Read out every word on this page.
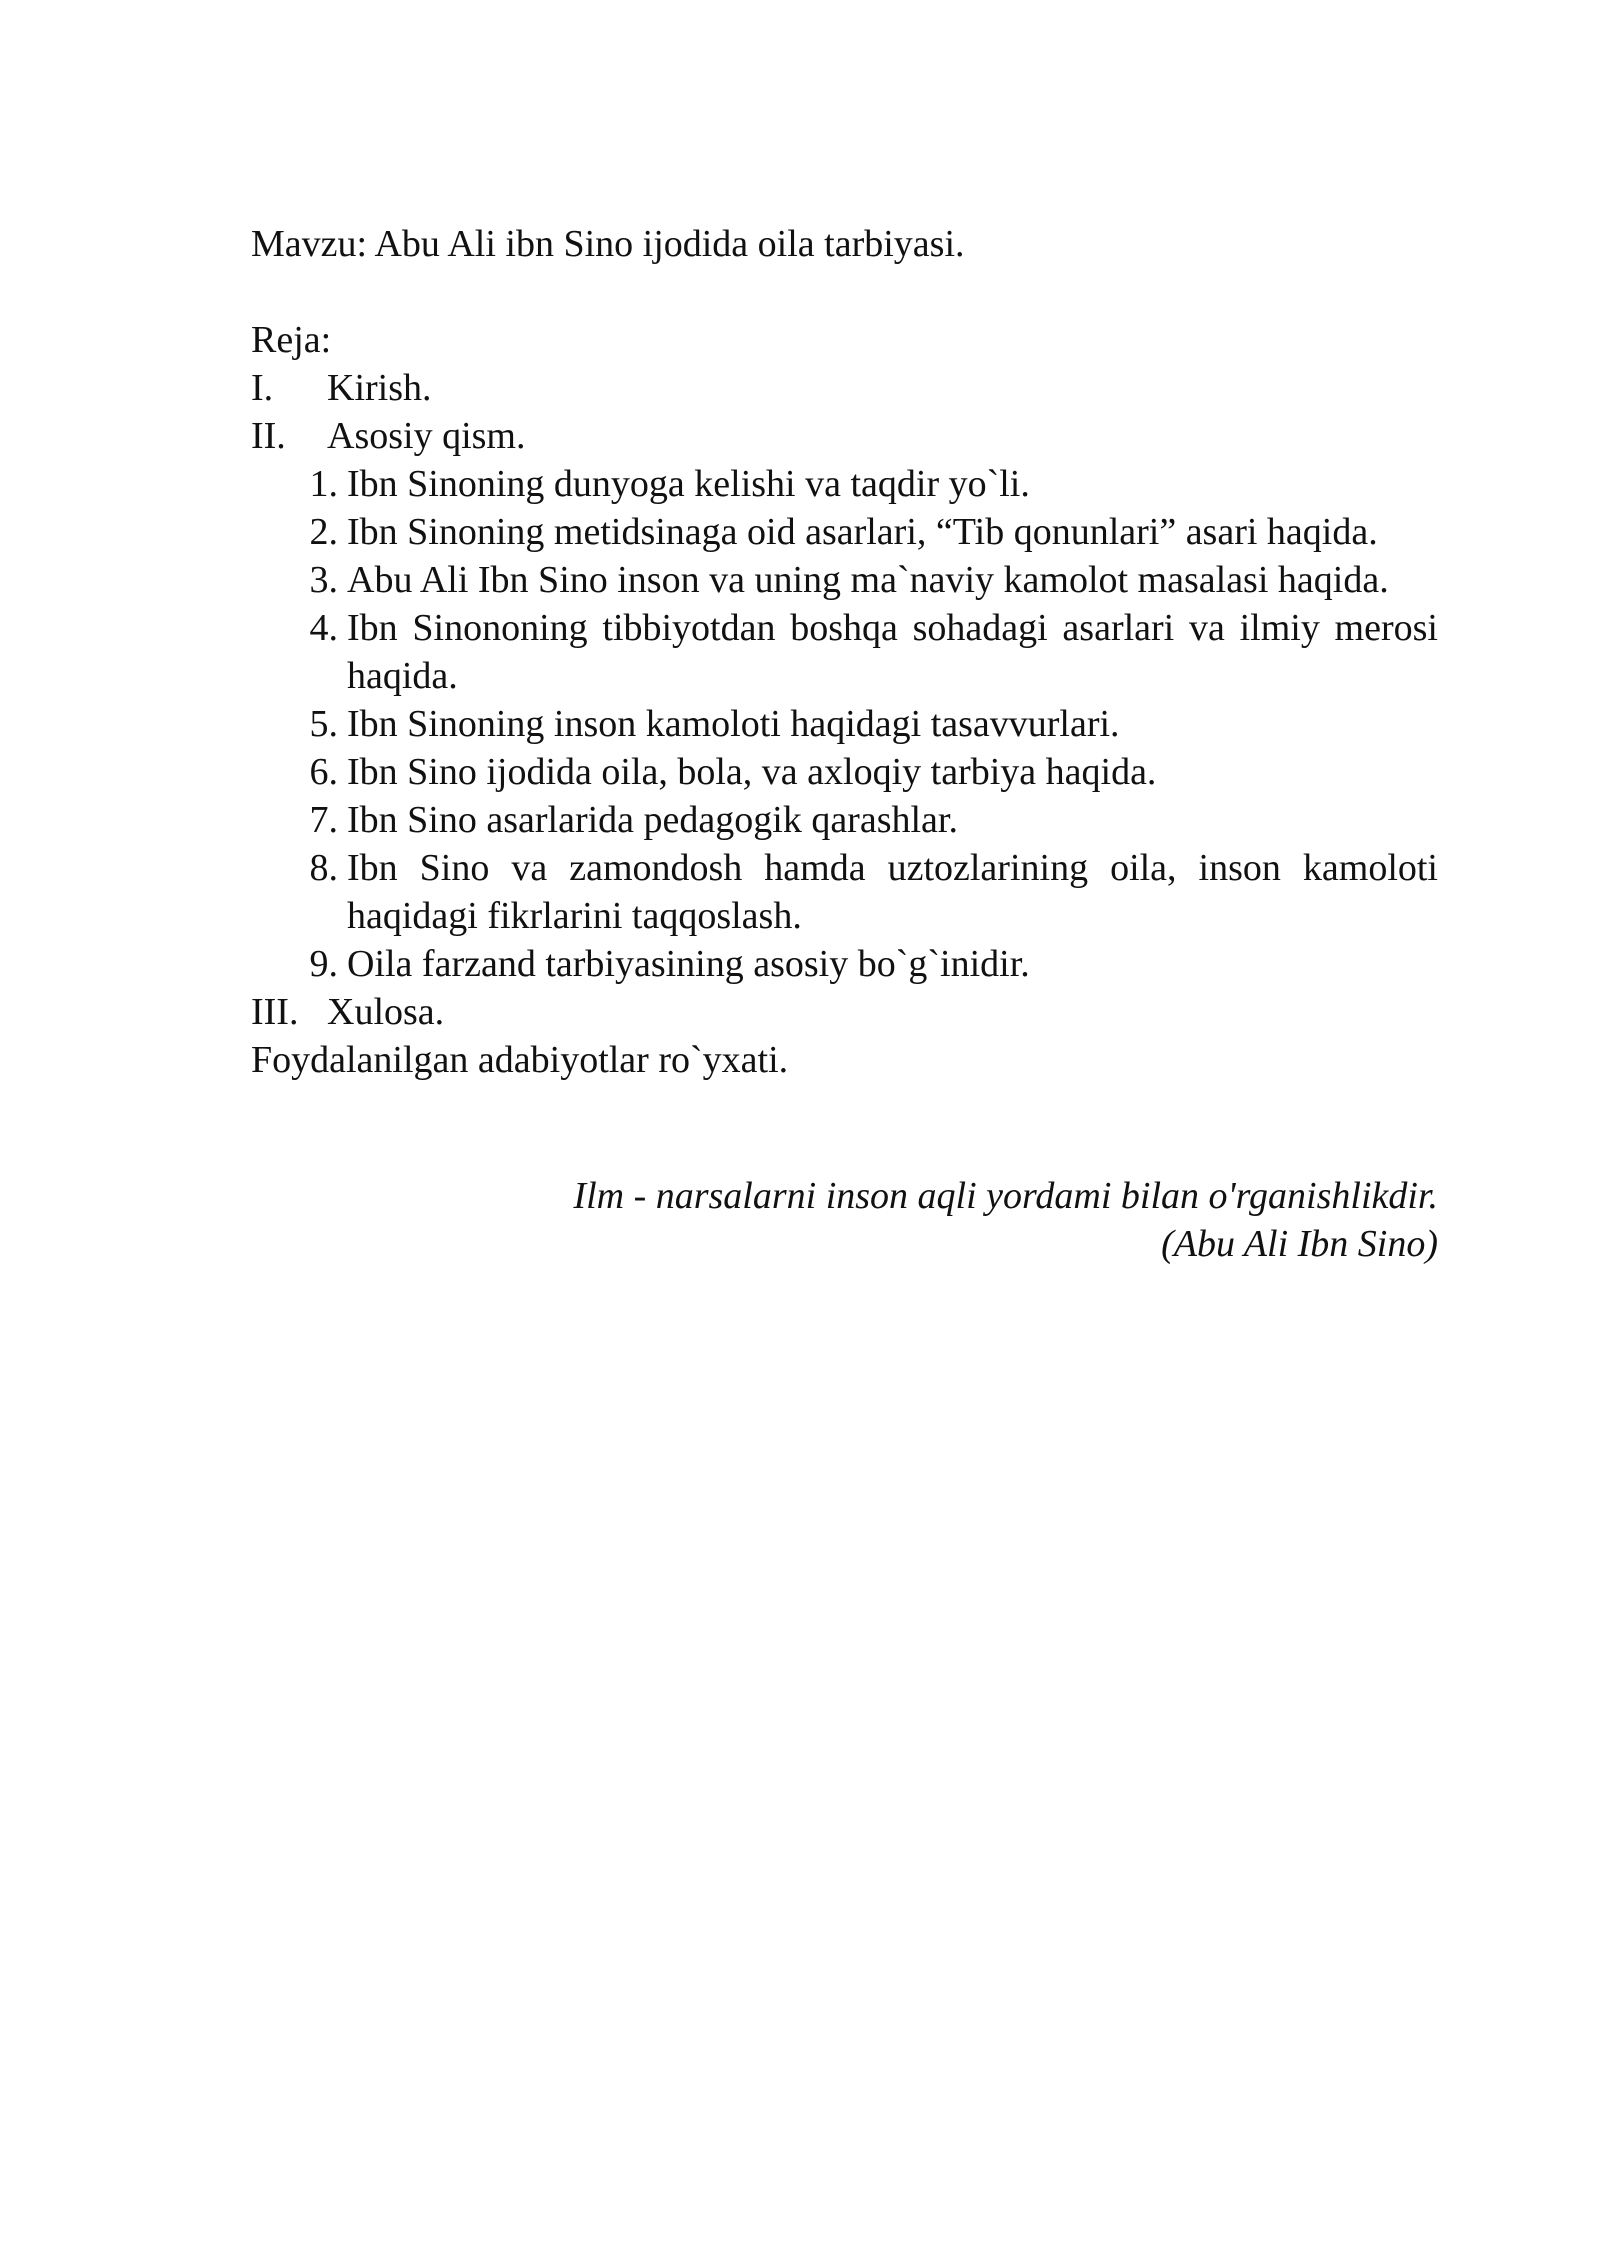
Mavzu: Abu Ali ibn Sino ijodida oila tarbiyasi.
Reja:
I.	Kirish.
II.	Asosiy qism.
1. Ibn Sinoning dunyoga kelishi va taqdir yo`li.
2. Ibn Sinoning metidsinaga oid asarlari, “Tib qonunlari” asari haqida.
3. Abu Ali Ibn Sino inson va uning ma`naviy kamolot masalasi haqida.
4. Ibn Sinononing tibbiyotdan boshqa sohadagi asarlari va ilmiy merosi haqida.
5. Ibn Sinoning inson kamoloti haqidagi tasavvurlari.
6. Ibn Sino ijodida oila, bola, va axloqiy tarbiya haqida.
7. Ibn Sino asarlarida pedagogik qarashlar.
8. Ibn Sino va zamondosh hamda uztozlarining oila, inson kamoloti haqidagi fikrlarini taqqoslash.
9. Oila farzand tarbiyasining asosiy bo`g`inidir.
III. Xulosa.
Foydalanilgan adabiyotlar ro`yxati.
Ilm - narsalarni inson aqli yordami bilan o'rganishlikdir.
(Abu Ali Ibn Sino)
